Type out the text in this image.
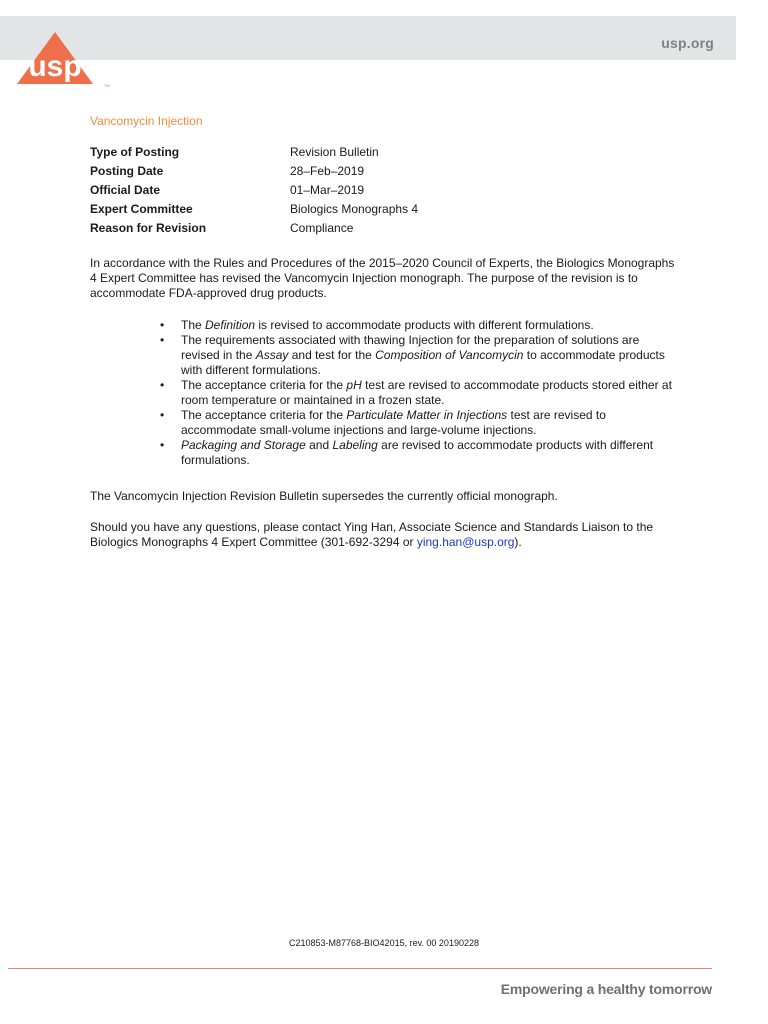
usp.org
usp
TM
Vancomycin Injection
Type of Posting	Revision Bulletin
Posting Date	28–Feb–2019
Official Date	01–Mar–2019
Expert Committee	Biologics Monographs 4
Reason for Revision	Compliance

In accordance with the Rules and Procedures of the 2015–2020 Council of Experts, the Biologics Monographs 4 Expert Committee has revised the Vancomycin Injection monograph. The purpose of the revision is to accommodate FDA-approved drug products.

• The Definition is revised to accommodate products with different formulations.
• The requirements associated with thawing Injection for the preparation of solutions are revised in the Assay and test for the Composition of Vancomycin to accommodate products with different formulations.
• The acceptance criteria for the pH test are revised to accommodate products stored either at room temperature or maintained in a frozen state.
• The acceptance criteria for the Particulate Matter in Injections test are revised to accommodate small-volume injections and large-volume injections.
• Packaging and Storage and Labeling are revised to accommodate products with different formulations.

The Vancomycin Injection Revision Bulletin supersedes the currently official monograph.

Should you have any questions, please contact Ying Han, Associate Science and Standards Liaison to the Biologics Monographs 4 Expert Committee (301-692-3294 or ying.han@usp.org).

C210853-M87768-BIO42015, rev. 00 20190228
Empowering a healthy tomorrow
